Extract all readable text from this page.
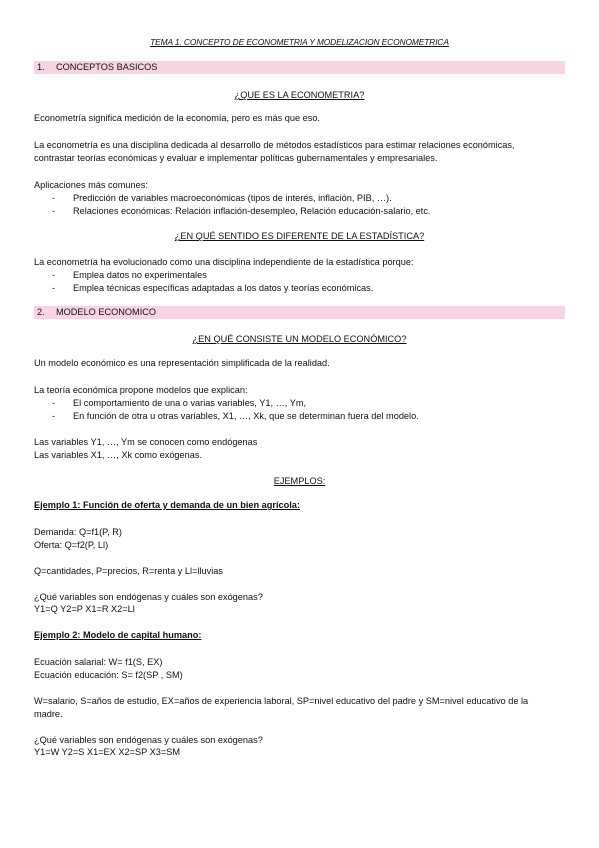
TEMA 1. CONCEPTO DE ECONOMETRIA Y MODELIZACION ECONOMETRICA
1. CONCEPTOS BASICOS
¿QUE ES LA ECONOMETRIA?
Econometría significa medición de la economía, pero es más que eso.
La econometría es una disciplina dedicada al desarrollo de métodos estadísticos para estimar relaciones económicas,
contrastar teorías económicas y evaluar e implementar políticas gubernamentales y empresariales.
Aplicaciones más comunes:
- Predicción de variables macroeconómicas (tipos de interés, inflación, PIB, …).
- Relaciones económicas: Relación inflación-desempleo, Relación educación-salario, etc.
¿EN QUÉ SENTIDO ES DIFERENTE DE LA ESTADÍSTICA?
La econometría ha evolucionado como una disciplina independiente de la estadística porque:
- Emplea datos no experimentales
- Emplea técnicas específicas adaptadas a los datos y teorías económicas.
2. MODELO ECONOMICO
¿EN QUÉ CONSISTE UN MODELO ECONÓMICO?
Un modelo económico es una representación simplificada de la realidad.
La teoría económica propone modelos que explican:
- El comportamiento de una o varias variables, Y1, …, Ym,
- En función de otra u otras variables, X1, …, Xk, que se determinan fuera del modelo.
Las variables Y1, …, Ym se conocen como endógenas
Las variables X1, …, Xk como exógenas.
EJEMPLOS:
Ejemplo 1: Función de oferta y demanda de un bien agrícola:
Demanda: Q=f1(P, R)
Oferta: Q=f2(P, Ll)
Q=cantidades, P=precios, R=renta y Ll=lluvias
¿Qué variables son endógenas y cuáles son exógenas?
Y1=Q Y2=P X1=R X2=Ll
Ejemplo 2: Modelo de capital humano:
Ecuación salarial: W= f1(S, EX)
Ecuación educación: S= f2(SP , SM)
W=salario, S=años de estudio, EX=años de experiencia laboral, SP=nivel educativo del padre y SM=nivel educativo de la
madre.
¿Qué variables son endógenas y cuáles son exógenas?
Y1=W Y2=S X1=EX X2=SP X3=SM
